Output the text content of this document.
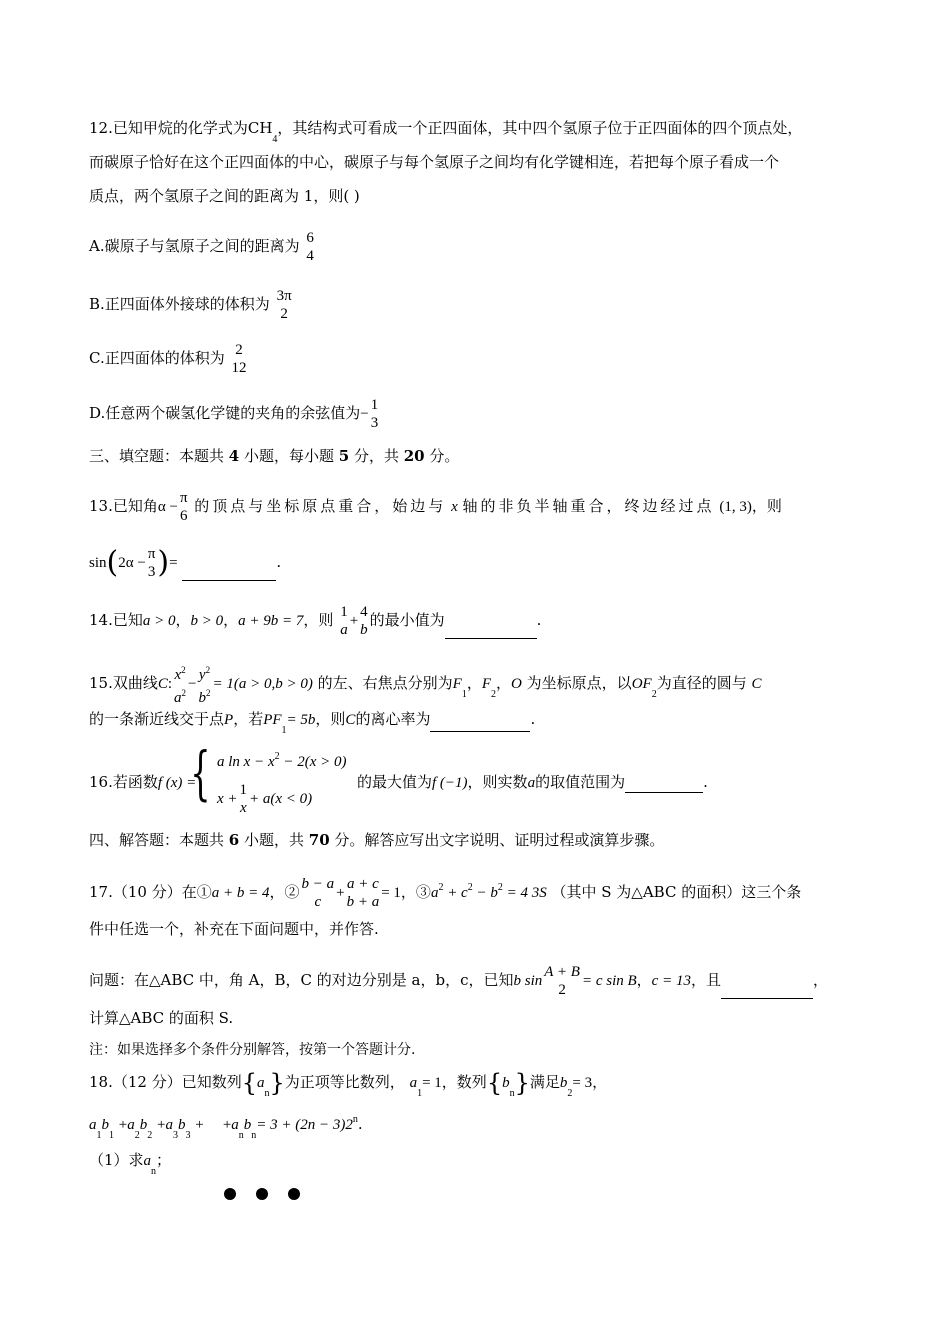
12.已知甲烷的化学式为$CH_4$，其结构式可看成一个正四面体，其中四个氢原子位于正四面体的四个顶点处，
而碳原子恰好在这个正四面体的中心，碳原子与每个氢原子之间均有化学键相连，若把每个原子看成一个
质点，两个氢原子之间的距离为 1，则( )
A.碳原子与氢原子之间的距离为 6
4
B.正四面体外接球的体积为 3π
2
C.正四面体的体积为 2
12
D.任意两个碳氢化学键的夹角的余弦值为−
1
3
三、填空题：本题共 4 小题，每小题 5 分，共 20 分。
13.已知角α −
π
6
的顶点与坐标原点重合，始边与 x 轴的非负半轴重合，终边经过点 (1, 3)，则
sin(2α −
π
3 )=	.
14.已知a > 0，b > 0，a + 9b = 7，则 1
a
+
4
b
的最小值为	.
15.双曲线C:
$x^2$
$a^2$
−
$y^2$
$b^2$
= 1(a > 0,b > 0) 的左、右焦点分别为$F_1$，$F_2$，O 为坐标原点，以$OF_2$为直径的圆与 C
的一条渐近线交于点P，若$PF_1= 5b$，则C的离心率为	.
16.若函数f (x) =
{ a $\ln x - x^2 - 2(x > 0)$
x +
1
x
+ a(x < 0)
的最大值为f (−1)，则实数a的取值范围为	.
四、解答题：本题共 6 小题，共 70 分。解答应写出文字说明、证明过程或演算步骤。
17.（10 分）在①a + b = 4，② b − a
c
+
a + c
b + a
= 1，$③a^2 + c^2 - b^2 = 4$ 3S （其中 S 为△ABC 的面积）这三个条
件中任选一个，补充在下面问题中，并作答.
问题：在△ABC 中，角 A，B，C 的对边分别是 a，b，c，已知b sin
A + B
2
= c sin B，c = 13，且	，
计算△ABC 的面积 S.
注：如果选择多个条件分别解答，按第一个答题计分.
18.（12 分）已知数列$\{a_n\}$为正项等比数列， $a_1= 1$，数列$\{b_n\}$满足$b_2= 3$，
$a_1b_1 +a_2b_2 +a_3b_3 + +a_nb_n= 3 + (2n - 3)2^n$.
（1）求$a_n$；
